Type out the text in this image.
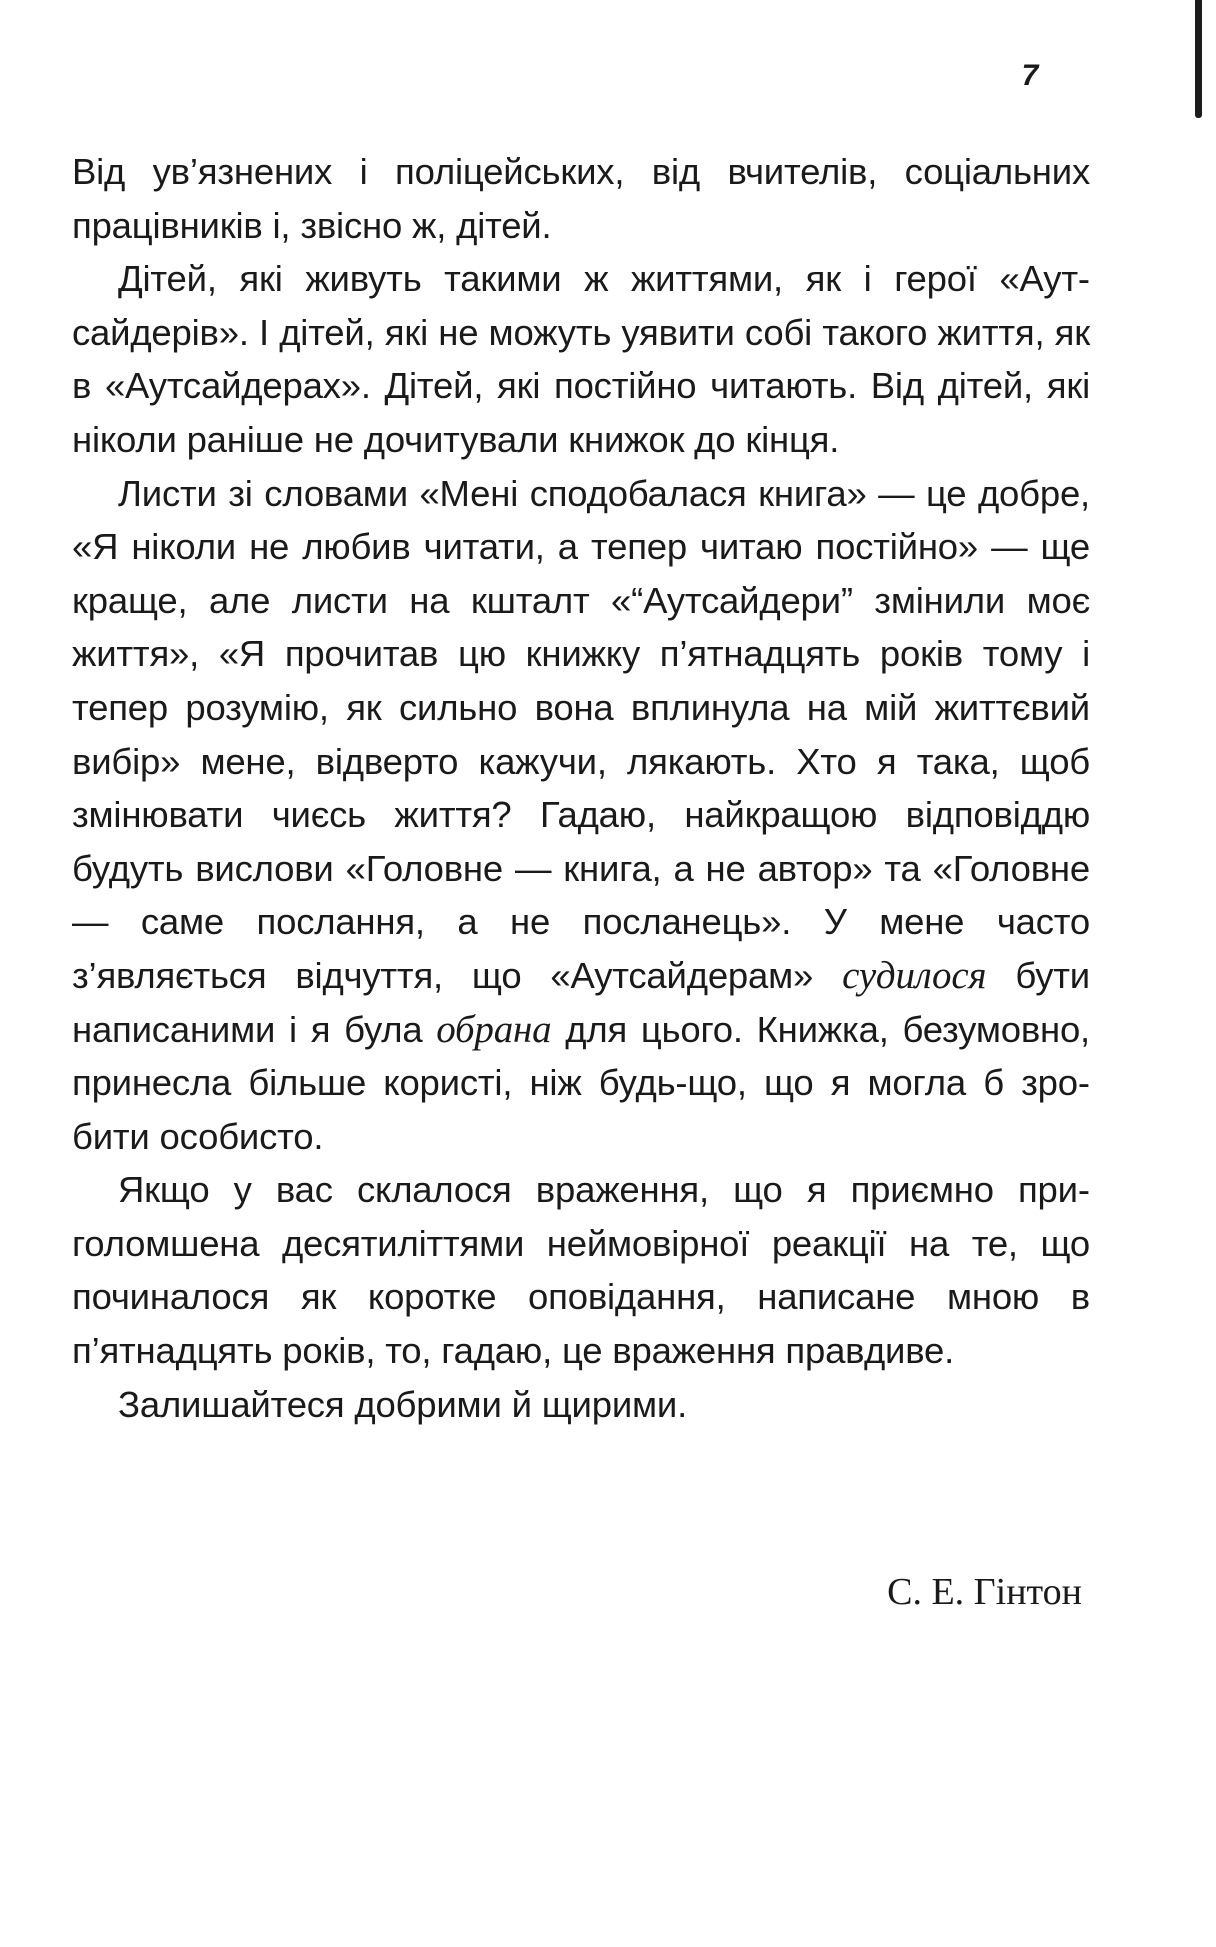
7

Від ув’язнених і поліцейських, від вчителів, соціальних працівників і, звісно ж, дітей.

Дітей, які живуть такими ж життями, як і герої «Аутсайдерів». І дітей, які не можуть уявити собі такого життя, як в «Аутсайдерах». Дітей, які постійно читають. Від дітей, які ніколи раніше не дочитували книжок до кінця.

Листи зі словами «Мені сподобалася книга» — це добре, «Я ніколи не любив читати, а тепер читаю постійно» — ще краще, але листи на кшталт «“Аутсайдери” змінили моє життя», «Я прочитав цю книжку п’ятнадцять років тому і тепер розумію, як сильно вона вплинула на мій життєвий вибір» мене, відверто кажучи, лякають. Хто я така, щоб змінювати чиєсь життя? Гадаю, найкращою відповіддю будуть вислови «Головне — книга, а не автор» та «Головне — саме послання, а не посланець». У мене часто з’являється відчуття, що «Аутсайдерам» судилося бути написаними і я була обрана для цього. Книжка, безумовно, принесла більше користі, ніж будь-що, що я могла б зробити особисто.

Якщо у вас склалося враження, що я приємно приголомшена десятиліттями неймовірної реакції на те, що починалося як коротке оповідання, написане мною в п’ятнадцять років, то, гадаю, це враження правдиве.

Залишайтеся добрими й щирими.

С. Е. Гінтон
